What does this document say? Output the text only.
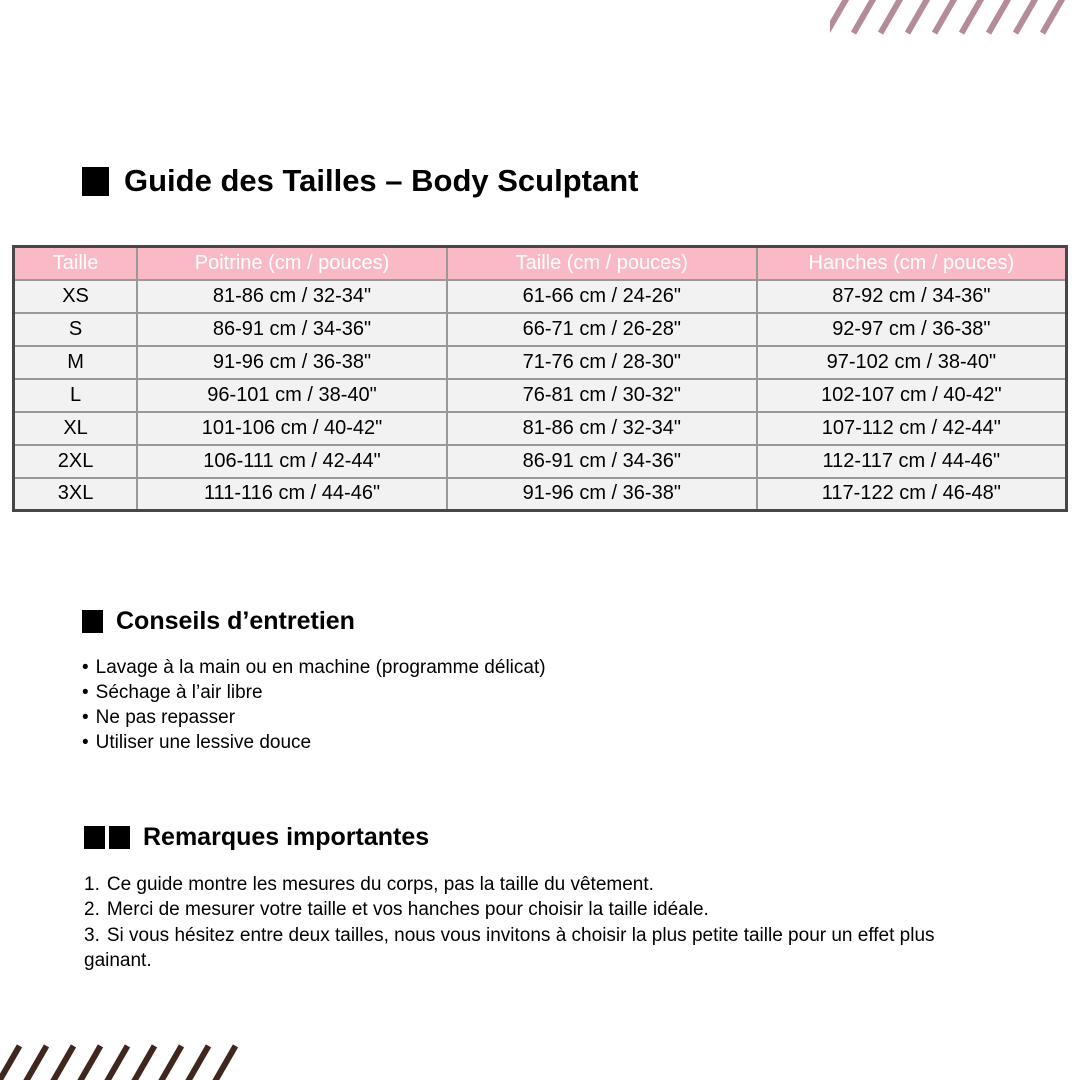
Guide des Tailles – Body Sculptant
Taille	Poitrine (cm / pouces)	Taille (cm / pouces)	Hanches (cm / pouces)
XS	81-86 cm / 32-34"	61-66 cm / 24-26"	87-92 cm / 34-36"
S	86-91 cm / 34-36"	66-71 cm / 26-28"	92-97 cm / 36-38"
M	91-96 cm / 36-38"	71-76 cm / 28-30"	97-102 cm / 38-40"
L	96-101 cm / 38-40"	76-81 cm / 30-32"	102-107 cm / 40-42"
XL	101-106 cm / 40-42"	81-86 cm / 32-34"	107-112 cm / 42-44"
2XL	106-111 cm / 42-44"	86-91 cm / 34-36"	112-117 cm / 44-46"
3XL	111-116 cm / 44-46"	91-96 cm / 36-38"	117-122 cm / 46-48"
Conseils d’entretien
• Lavage à la main ou en machine (programme délicat)
• Séchage à l’air libre
• Ne pas repasser
• Utiliser une lessive douce
Remarques importantes
1. Ce guide montre les mesures du corps, pas la taille du vêtement.
2. Merci de mesurer votre taille et vos hanches pour choisir la taille idéale.
3. Si vous hésitez entre deux tailles, nous vous invitons à choisir la plus petite taille pour un effet plus gainant.
